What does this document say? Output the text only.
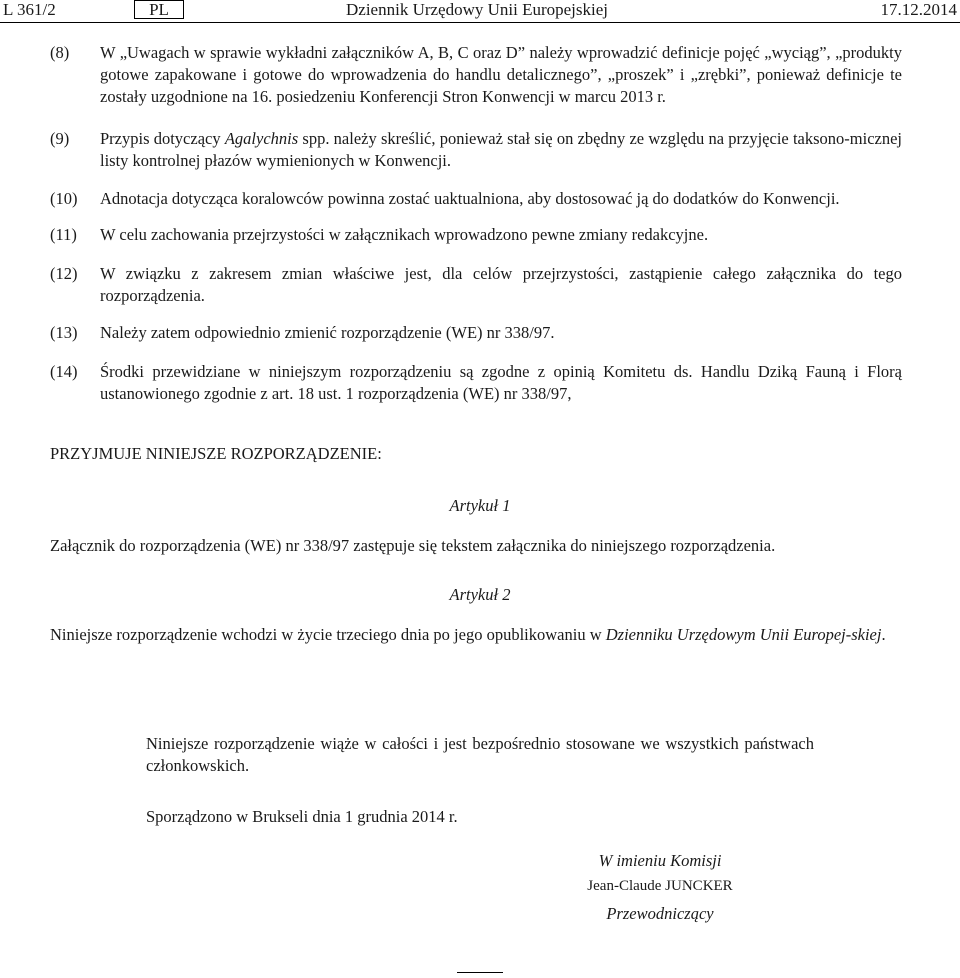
L 361/2	PL	Dziennik Urzędowy Unii Europejskiej	17.12.2014
(8) W „Uwagach w sprawie wykładni załączników A, B, C oraz D” należy wprowadzić definicje pojęć „wyciąg”, „produkty gotowe zapakowane i gotowe do wprowadzenia do handlu detalicznego”, „proszek” i „zrębki”, ponieważ definicje te zostały uzgodnione na 16. posiedzeniu Konferencji Stron Konwencji w marcu 2013 r.
(9) Przypis dotyczący Agalychnis spp. należy skreślić, ponieważ stał się on zbędny ze względu na przyjęcie taksono-micznej listy kontrolnej płazów wymienionych w Konwencji.
(10) Adnotacja dotycząca koralowców powinna zostać uaktualniona, aby dostosować ją do dodatków do Konwencji.
(11) W celu zachowania przejrzystości w załącznikach wprowadzono pewne zmiany redakcyjne.
(12) W związku z zakresem zmian właściwe jest, dla celów przejrzystości, zastąpienie całego załącznika do tego rozporządzenia.
(13) Należy zatem odpowiednio zmienić rozporządzenie (WE) nr 338/97.
(14) Środki przewidziane w niniejszym rozporządzeniu są zgodne z opinią Komitetu ds. Handlu Dziką Fauną i Florą ustanowionego zgodnie z art. 18 ust. 1 rozporządzenia (WE) nr 338/97,
PRZYJMUJE NINIEJSZE ROZPORZĄDZENIE:
Artykuł 1
Załącznik do rozporządzenia (WE) nr 338/97 zastępuje się tekstem załącznika do niniejszego rozporządzenia.
Artykuł 2
Niniejsze rozporządzenie wchodzi w życie trzeciego dnia po jego opublikowaniu w Dzienniku Urzędowym Unii Europej-skiej.
Niniejsze rozporządzenie wiąże w całości i jest bezpośrednio stosowane we wszystkich państwach członkowskich.
Sporządzono w Brukseli dnia 1 grudnia 2014 r.
W imieniu Komisji
Jean-Claude JUNCKER
Przewodniczący
